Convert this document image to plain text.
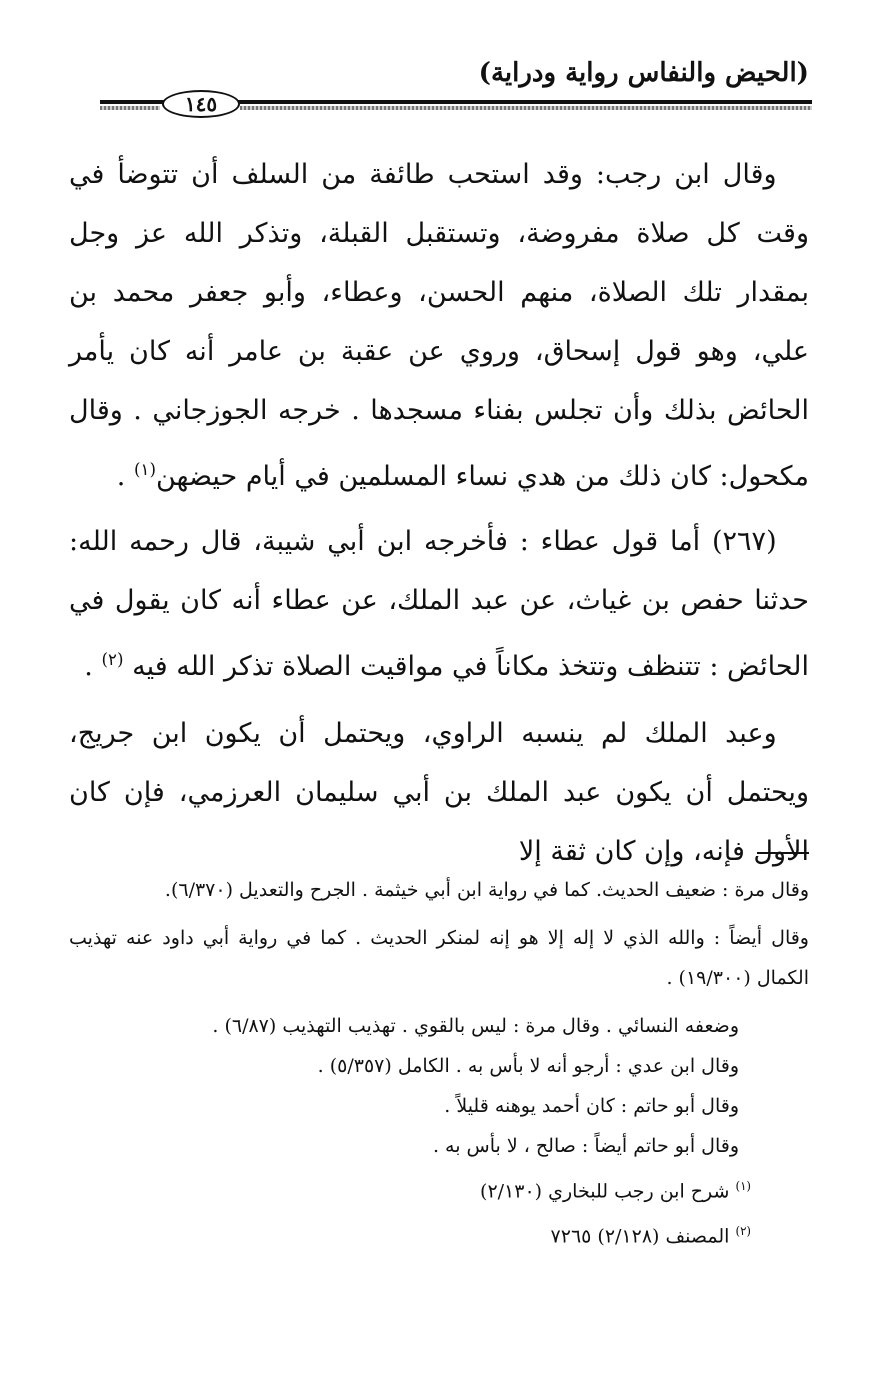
(الحيض والنفاس رواية ودراية)
١٤٥

وقال ابن رجب: وقد استحب طائفة من السلف أن تتوضأ في وقت كل صلاة مفروضة، وتستقبل القبلة، وتذكر الله عز وجل بمقدار تلك الصلاة، منهم الحسن، وعطاء، وأبو جعفر محمد بن علي، وهو قول إسحاق، وروي عن عقبة بن عامر أنه كان يأمر الحائض بذلك وأن تجلس بفناء مسجدها . خرجه الجوزجاني . وقال مكحول: كان ذلك من هدي نساء المسلمين في أيام حيضهن$^{(١)}$ .

(٢٦٧) أما قول عطاء : فأخرجه ابن أبي شيبة، قال رحمه الله: حدثنا حفص بن غياث، عن عبد الملك، عن عطاء أنه كان يقول في الحائض : تتنظف وتتخذ مكاناً في مواقيت الصلاة تذكر الله فيه $^{(٢)}$ .

وعبد الملك لم ينسبه الراوي، ويحتمل أن يكون ابن جريج، ويحتمل أن يكون عبد الملك بن أبي سليمان العرزمي، فإن كان الأول فإنه، وإن كان ثقة إلا

وقال مرة : ضعيف الحديث. كما في رواية ابن أبي خيثمة . الجرح والتعديل (٦/٣٧٠).

وقال أيضاً : والله الذي لا إله إلا هو إنه لمنكر الحديث . كما في رواية أبي داود عنه تهذيب الكمال (١٩/٣٠٠) .

وضعفه النسائي . وقال مرة : ليس بالقوي . تهذيب التهذيب (٦/٨٧) .

وقال ابن عدي : أرجو أنه لا بأس به . الكامل (٥/٣٥٧) .

وقال أبو حاتم : كان أحمد يوهنه قليلاً .

وقال أبو حاتم أيضاً : صالح ، لا بأس به .

$^{(١)}$ شرح ابن رجب للبخاري (٢/١٣٠)

$^{(٢)}$ المصنف (٢/١٢٨) ٧٢٦٥
